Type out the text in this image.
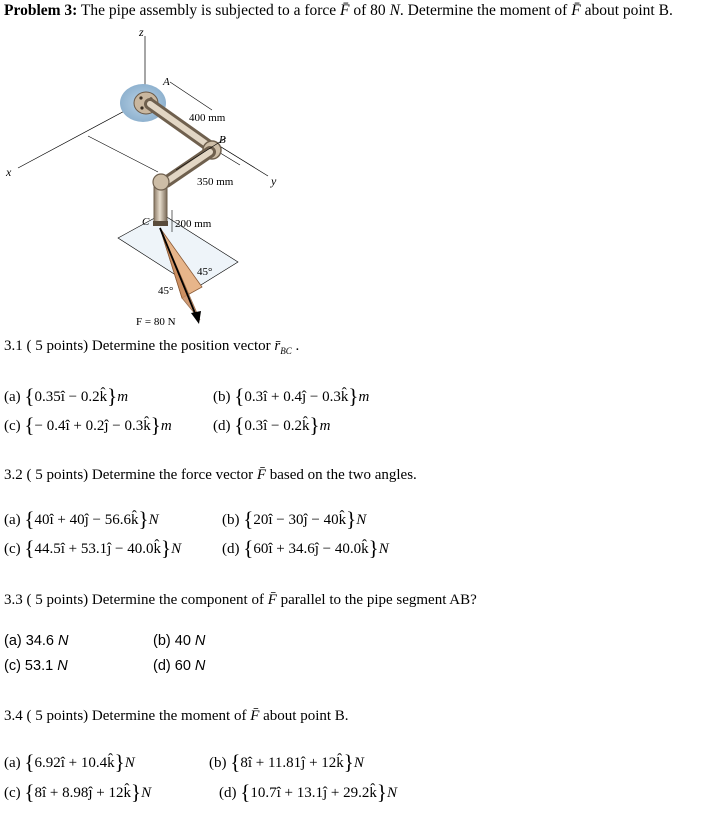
Problem 3: The pipe assembly is subjected to a force F̄ of 80 N. Determine the moment of F̄ about point B.
z
x
y
400 mm
350 mm
200 mm
A
B
C
45°
45°
F = 80 N
3.1 ( 5 points) Determine the position vector $r̄_{BC}$ .
(a) {0.35î − 0.2k̂}m	(b) {0.3î + 0.4ĵ − 0.3k̂}m
(c) {− 0.4î + 0.2ĵ − 0.3k̂}m	(d) {0.3î − 0.2k̂}m
3.2 ( 5 points) Determine the force vector F̄ based on the two angles.
(a) {40î + 40ĵ − 56.6k̂}N	(b) {20î − 30ĵ − 40k̂}N
(c) {44.5î + 53.1ĵ − 40.0k̂}N	(d) {60î + 34.6ĵ − 40.0k̂}N
3.3 ( 5 points) Determine the component of F̄ parallel to the pipe segment AB?
(a) 34.6 N	(b) 40 N
(c) 53.1 N	(d) 60 N
3.4 ( 5 points) Determine the moment of F̄ about point B.
(a) {6.92î + 10.4k̂}N	(b) {8î + 11.81ĵ + 12k̂}N
(c) {8î + 8.98ĵ + 12k̂}N	(d) {10.7î + 13.1ĵ + 29.2k̂}N
